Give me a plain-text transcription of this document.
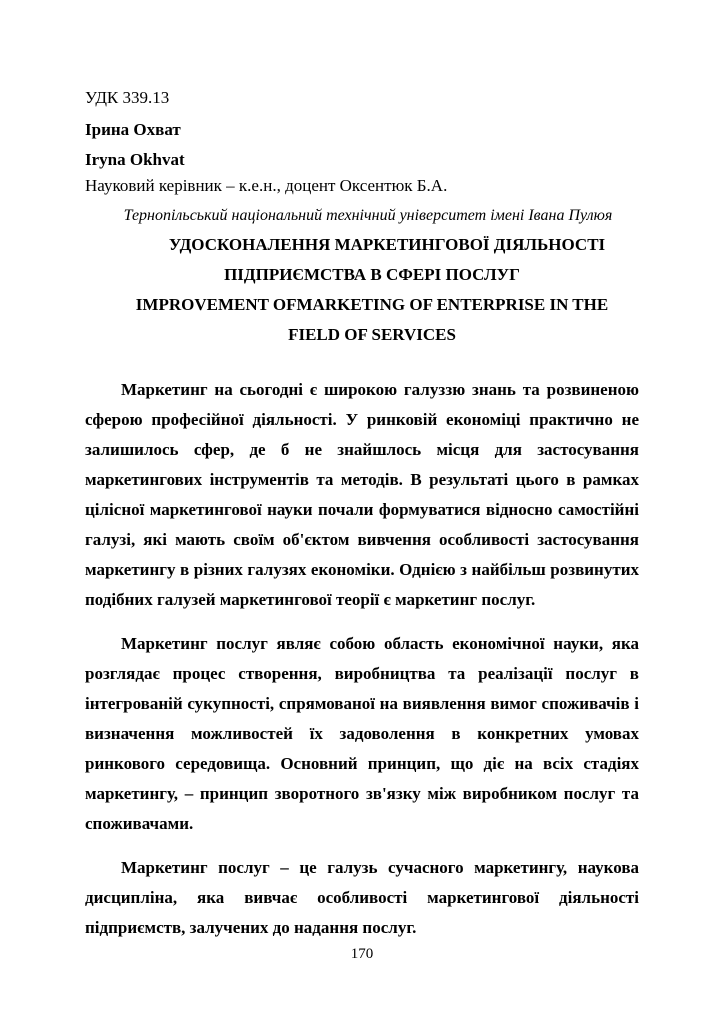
УДК 339.13
Ірина Охват
Iryna Okhvat
Науковий керівник – к.е.н., доцент Оксентюк Б.А.
Тернопільський національний технічний університет імені Івана Пулюя
УДОСКОНАЛЕННЯ МАРКЕТИНГОВОЇ ДІЯЛЬНОСТІ
ПІДПРИЄМСТВА В СФЕРІ ПОСЛУГ
IMPROVEMENT OFMARKETING OF ENTERPRISE IN THE
FIELD OF SERVICES

Маркетинг на сьогодні є широкою галуззю знань та розвиненою сферою професійної діяльності. У ринковій економіці практично не залишилось сфер, де б не знайшлось місця для застосування маркетингових інструментів та методів. В результаті цього в рамках цілісної маркетингової науки почали формуватися відносно самостійні галузі, які мають своїм об'єктом вивчення особливості застосування маркетингу в різних галузях економіки. Однією з найбільш розвинутих подібних галузей маркетингової теорії є маркетинг послуг.

Маркетинг послуг являє собою область економічної науки, яка розглядає процес створення, виробництва та реалізації послуг в інтегрованій сукупності, спрямованої на виявлення вимог споживачів і визначення можливостей їх задоволення в конкретних умовах ринкового середовища. Основний принцип, що діє на всіх стадіях маркетингу, – принцип зворотного зв'язку між виробником послуг та споживачами.

Маркетинг послуг – це галузь сучасного маркетингу, наукова дисципліна, яка вивчає особливості маркетингової діяльності підприємств, залучених до надання послуг.

170
